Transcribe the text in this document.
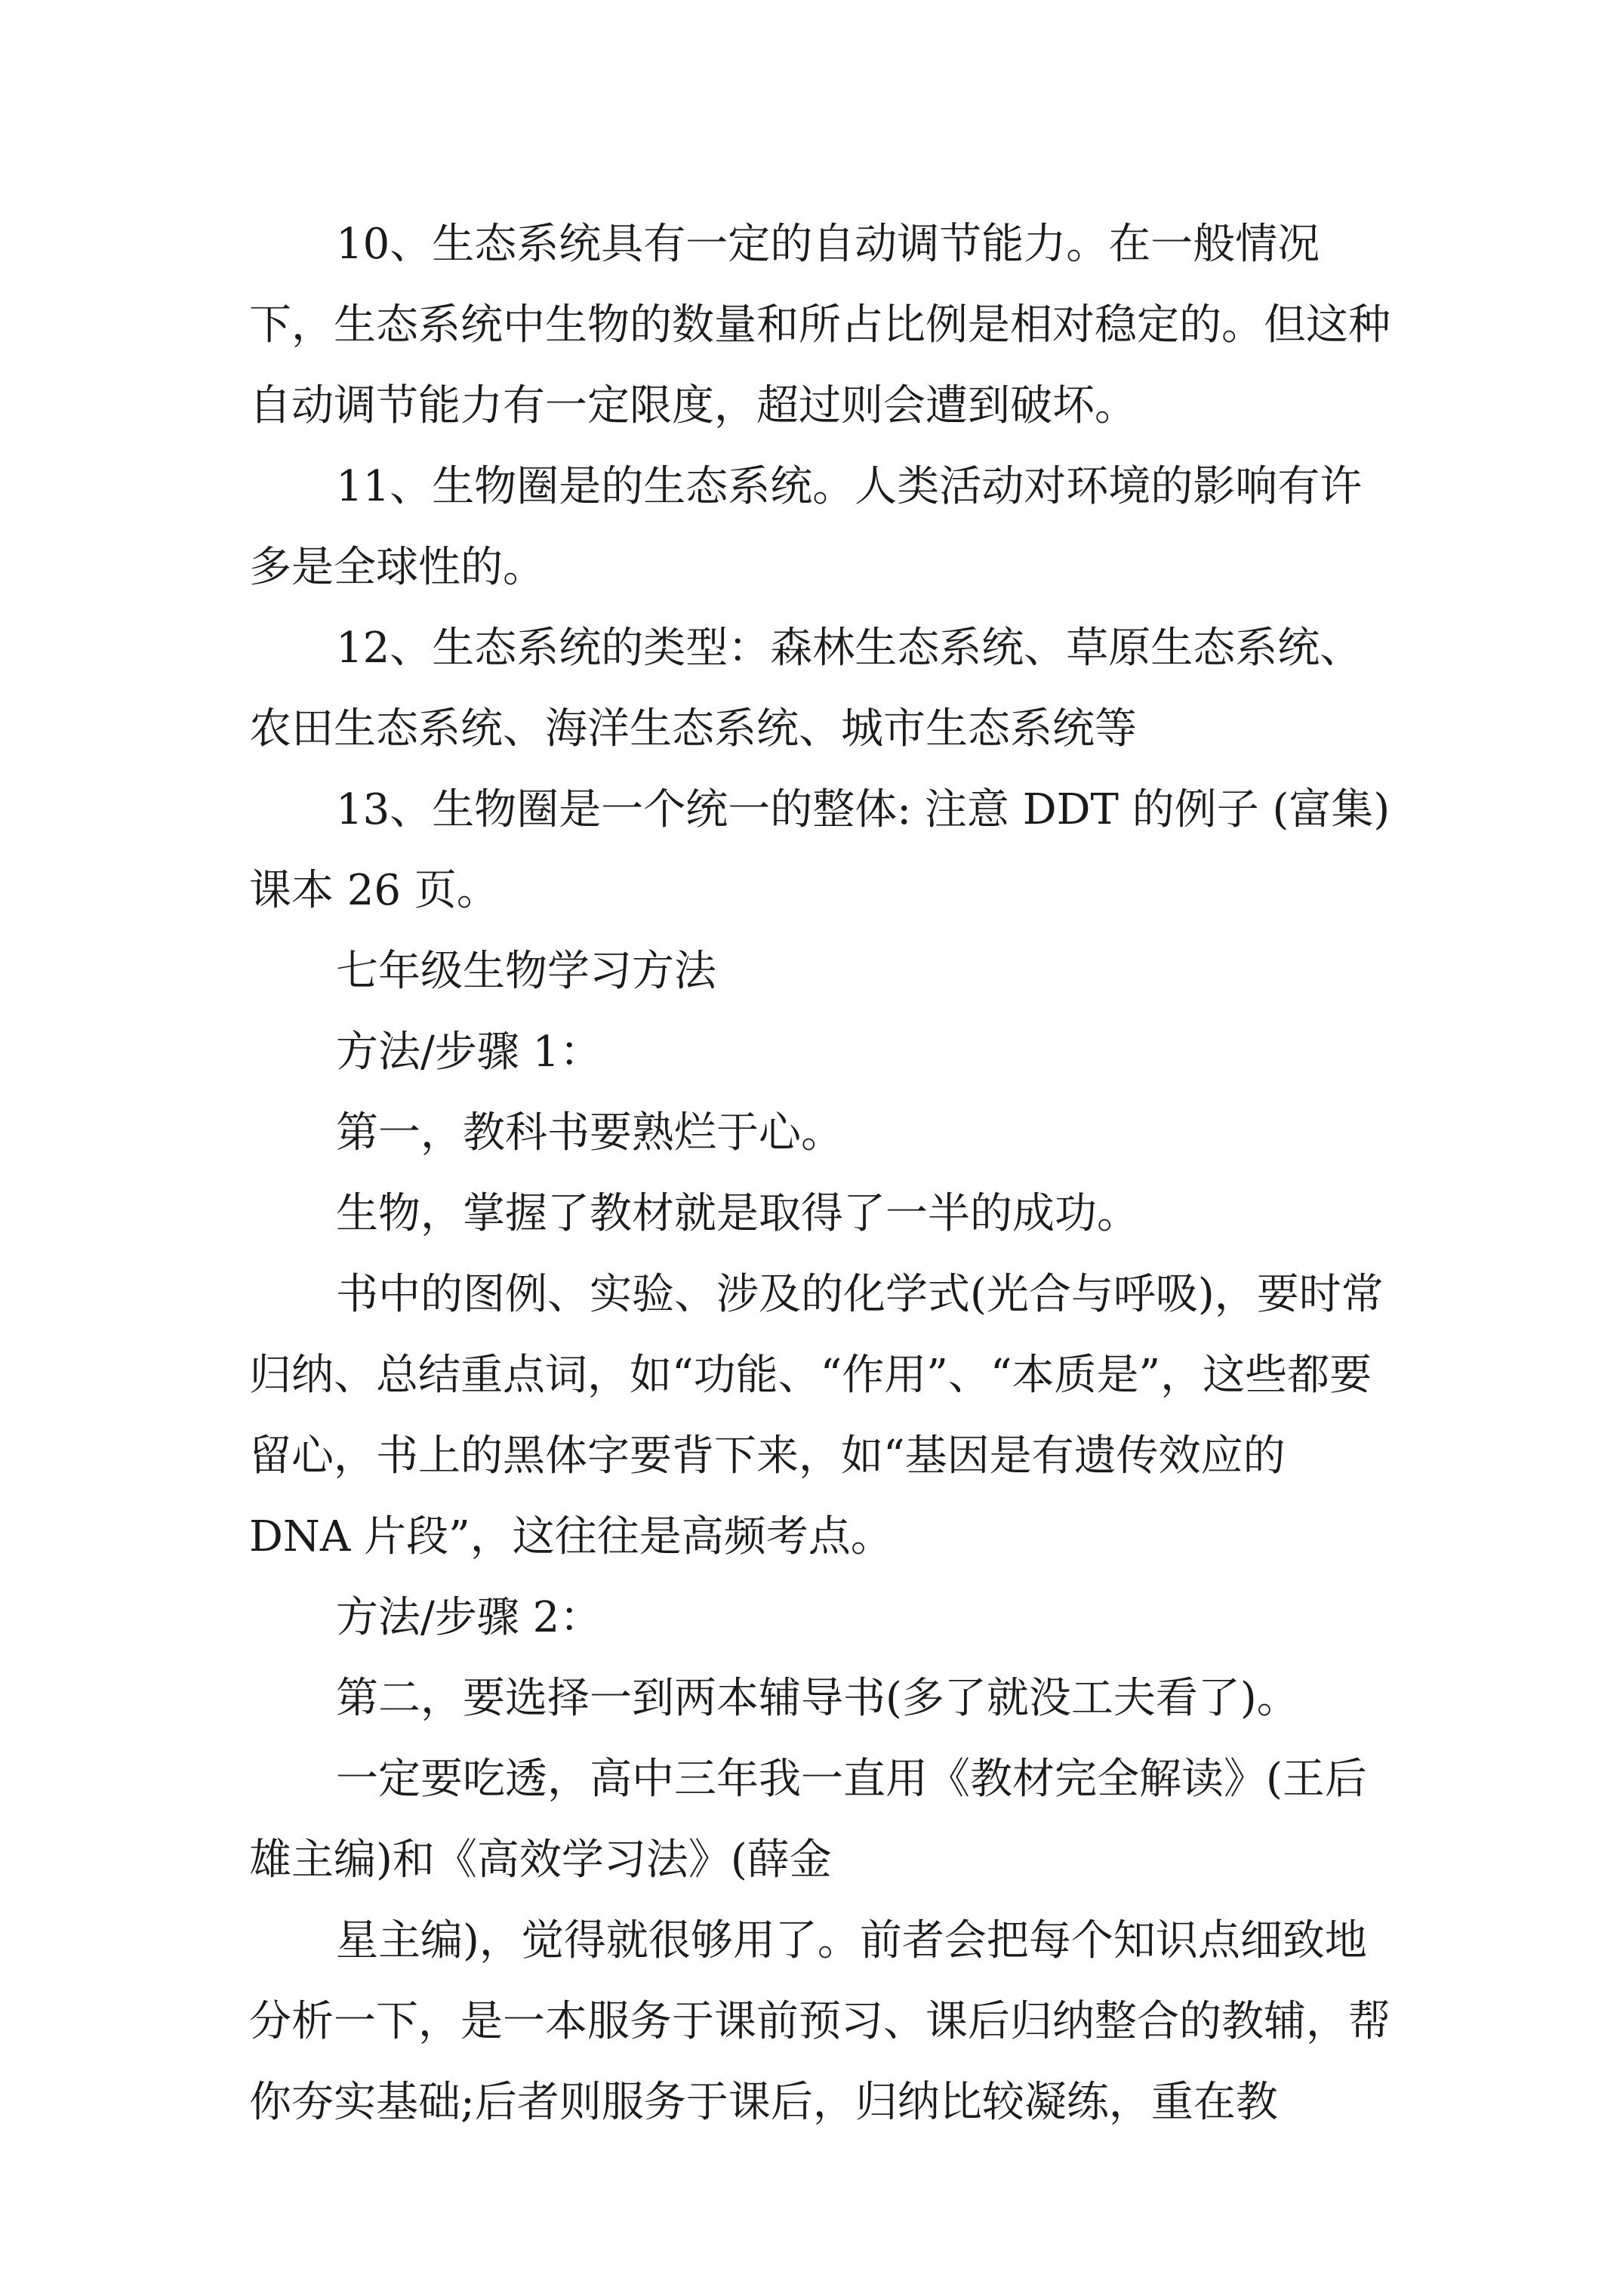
10、生态系统具有一定的自动调节能力。在一般情况下，生态系统中生物的数量和所占比例是相对稳定的。但这种自动调节能力有一定限度，超过则会遭到破坏。

11、生物圈是的生态系统。人类活动对环境的影响有许多是全球性的。

12、生态系统的类型：森林生态系统、草原生态系统、农田生态系统、海洋生态系统、城市生态系统等

13、生物圈是一个统一的整体: 注意 DDT 的例子 (富集)课本 26 页。

七年级生物学习方法

方法/步骤 1：

第一，教科书要熟烂于心。

生物，掌握了教材就是取得了一半的成功。

书中的图例、实验、涉及的化学式(光合与呼吸)，要时常归纳、总结重点词，如“功能、“作用”、“本质是”，这些都要留心，书上的黑体字要背下来，如“基因是有遗传效应的 DNA 片段”，这往往是高频考点。

方法/步骤 2：

第二，要选择一到两本辅导书(多了就没工夫看了)。

一定要吃透，高中三年我一直用《教材完全解读》(王后雄主编)和《高效学习法》(薛金

星主编)，觉得就很够用了。前者会把每个知识点细致地分析一下，是一本服务于课前预习、课后归纳整合的教辅，帮你夯实基础;后者则服务于课后，归纳比较凝练，重在教
